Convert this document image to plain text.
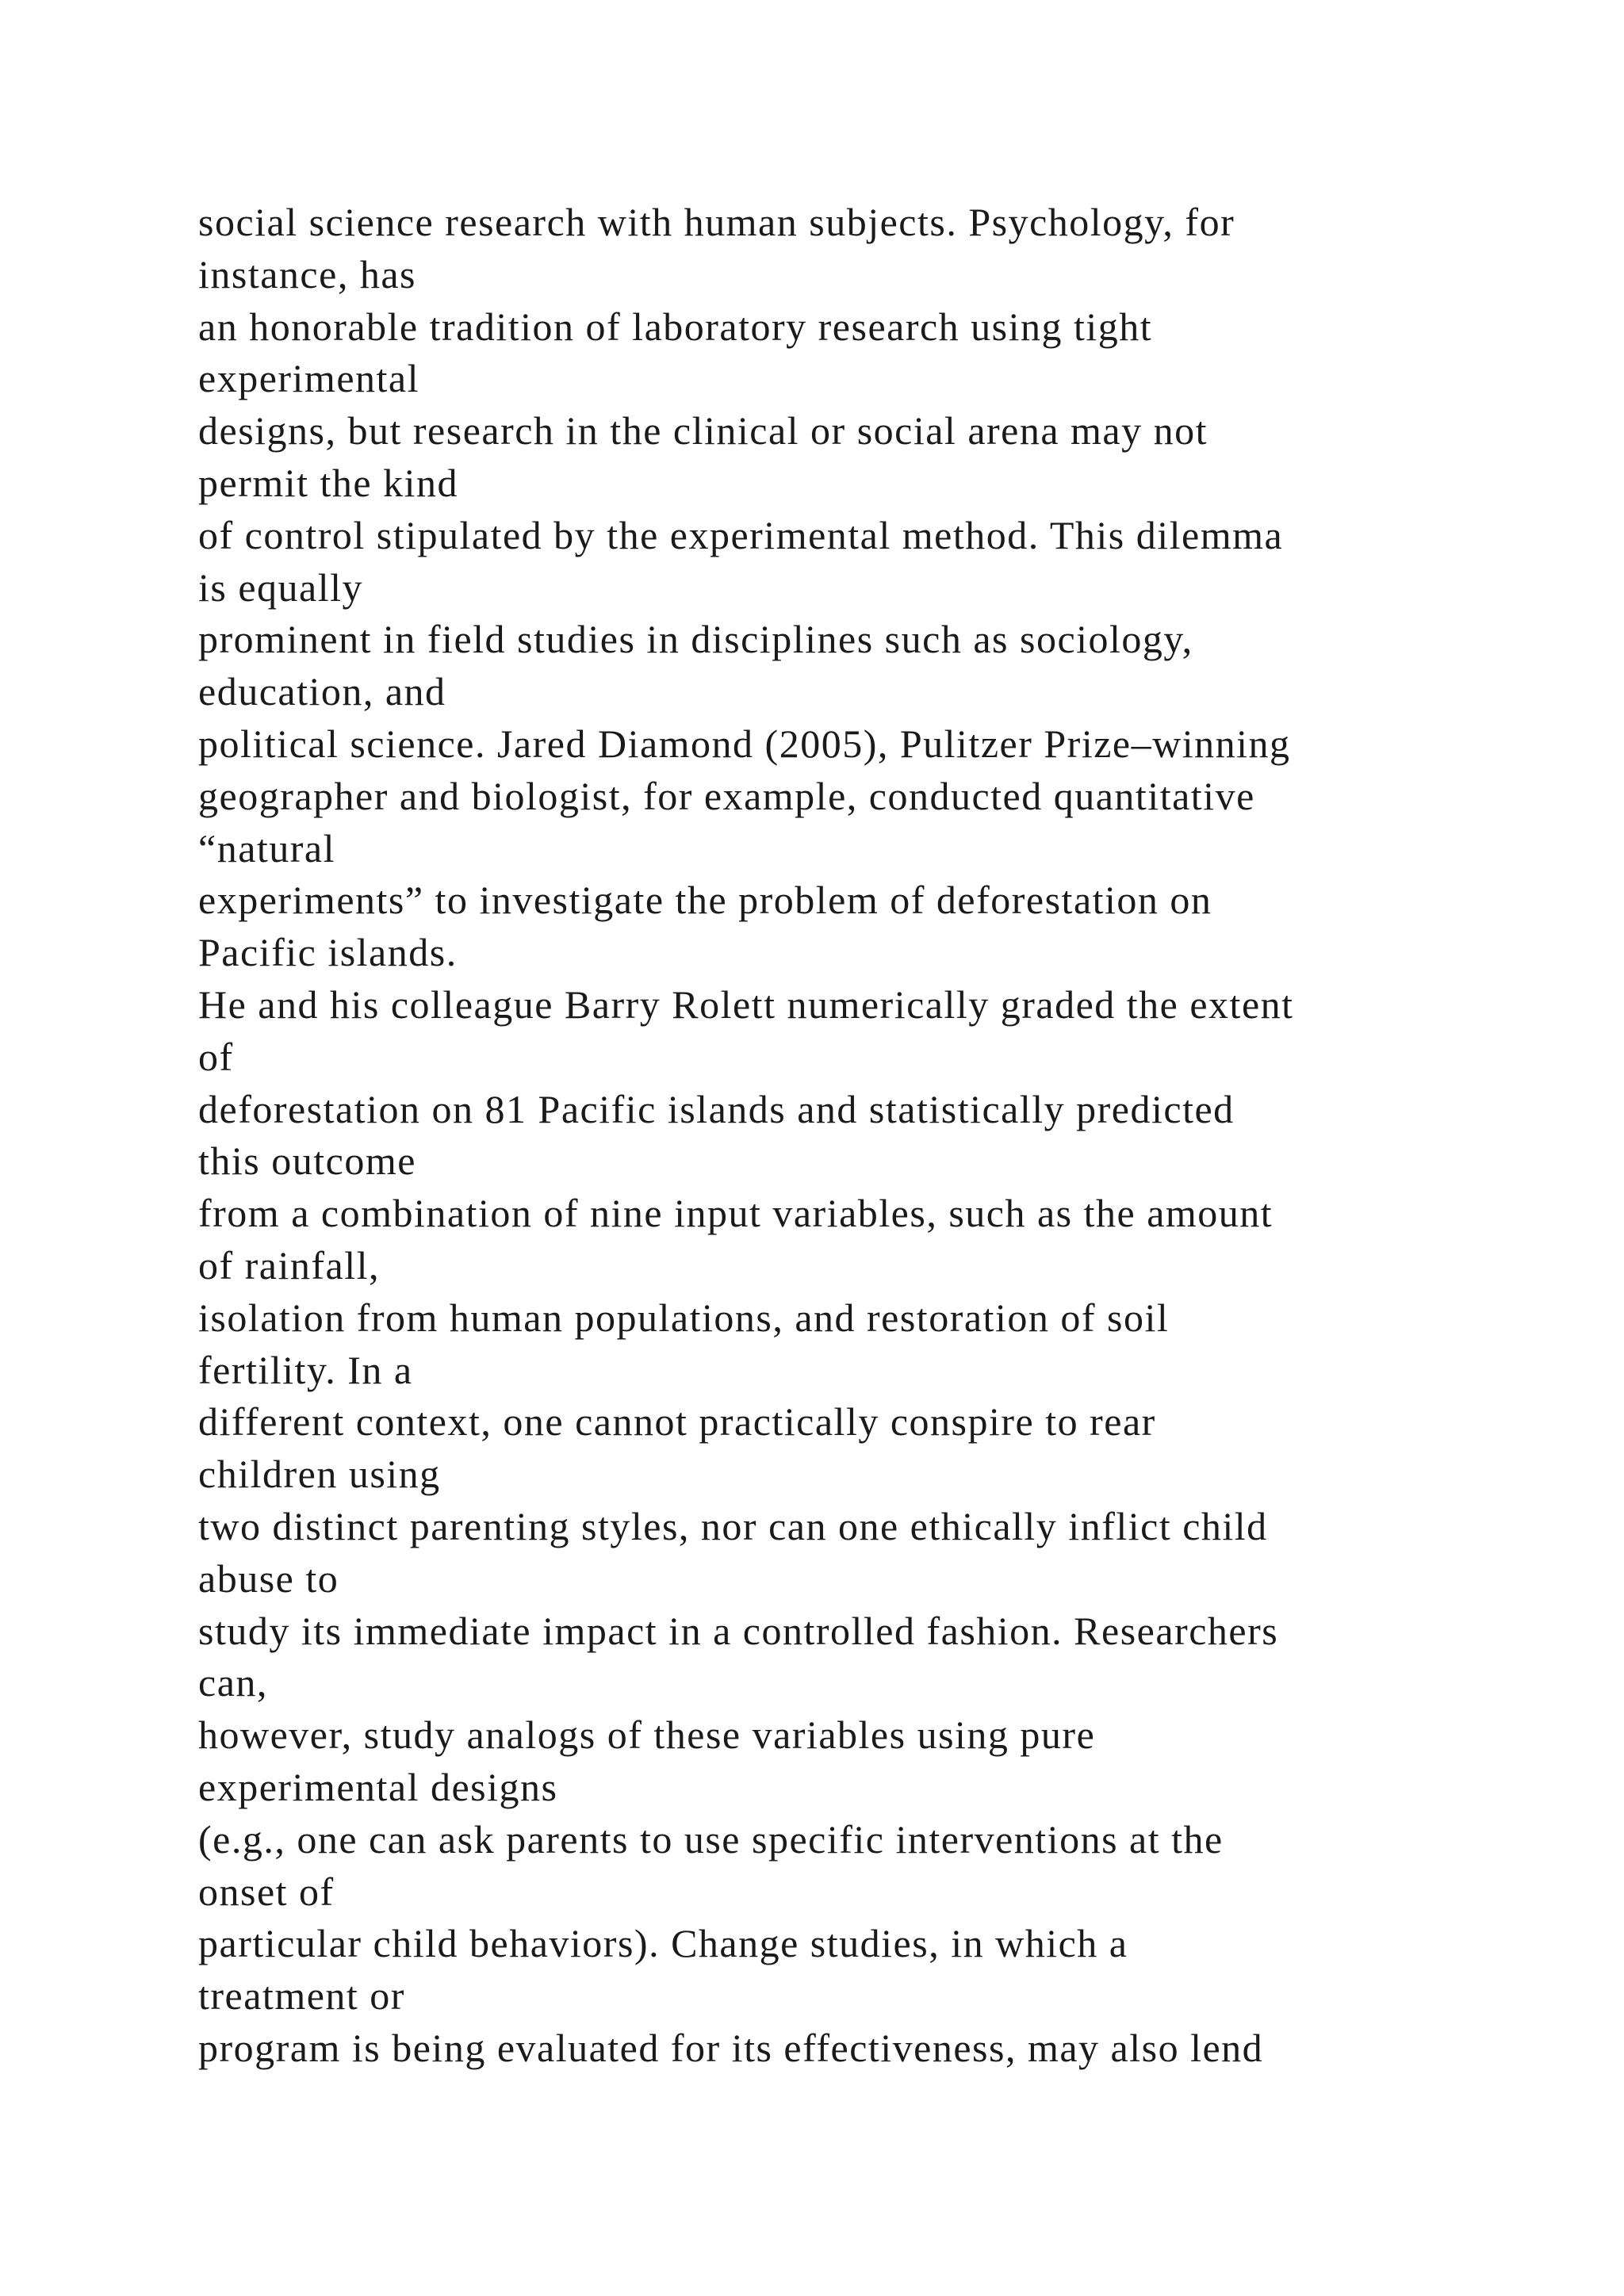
social science research with human subjects. Psychology, for
instance, has
an honorable tradition of laboratory research using tight
experimental
designs, but research in the clinical or social arena may not
permit the kind
of control stipulated by the experimental method. This dilemma
is equally
prominent in field studies in disciplines such as sociology,
education, and
political science. Jared Diamond (2005), Pulitzer Prize–winning
geographer and biologist, for example, conducted quantitative
“natural
experiments” to investigate the problem of deforestation on
Pacific islands.
He and his colleague Barry Rolett numerically graded the extent
of
deforestation on 81 Pacific islands and statistically predicted
this outcome
from a combination of nine input variables, such as the amount
of rainfall,
isolation from human populations, and restoration of soil
fertility. In a
different context, one cannot practically conspire to rear
children using
two distinct parenting styles, nor can one ethically inflict child
abuse to
study its immediate impact in a controlled fashion. Researchers
can,
however, study analogs of these variables using pure
experimental designs
(e.g., one can ask parents to use specific interventions at the
onset of
particular child behaviors). Change studies, in which a
treatment or
program is being evaluated for its effectiveness, may also lend
